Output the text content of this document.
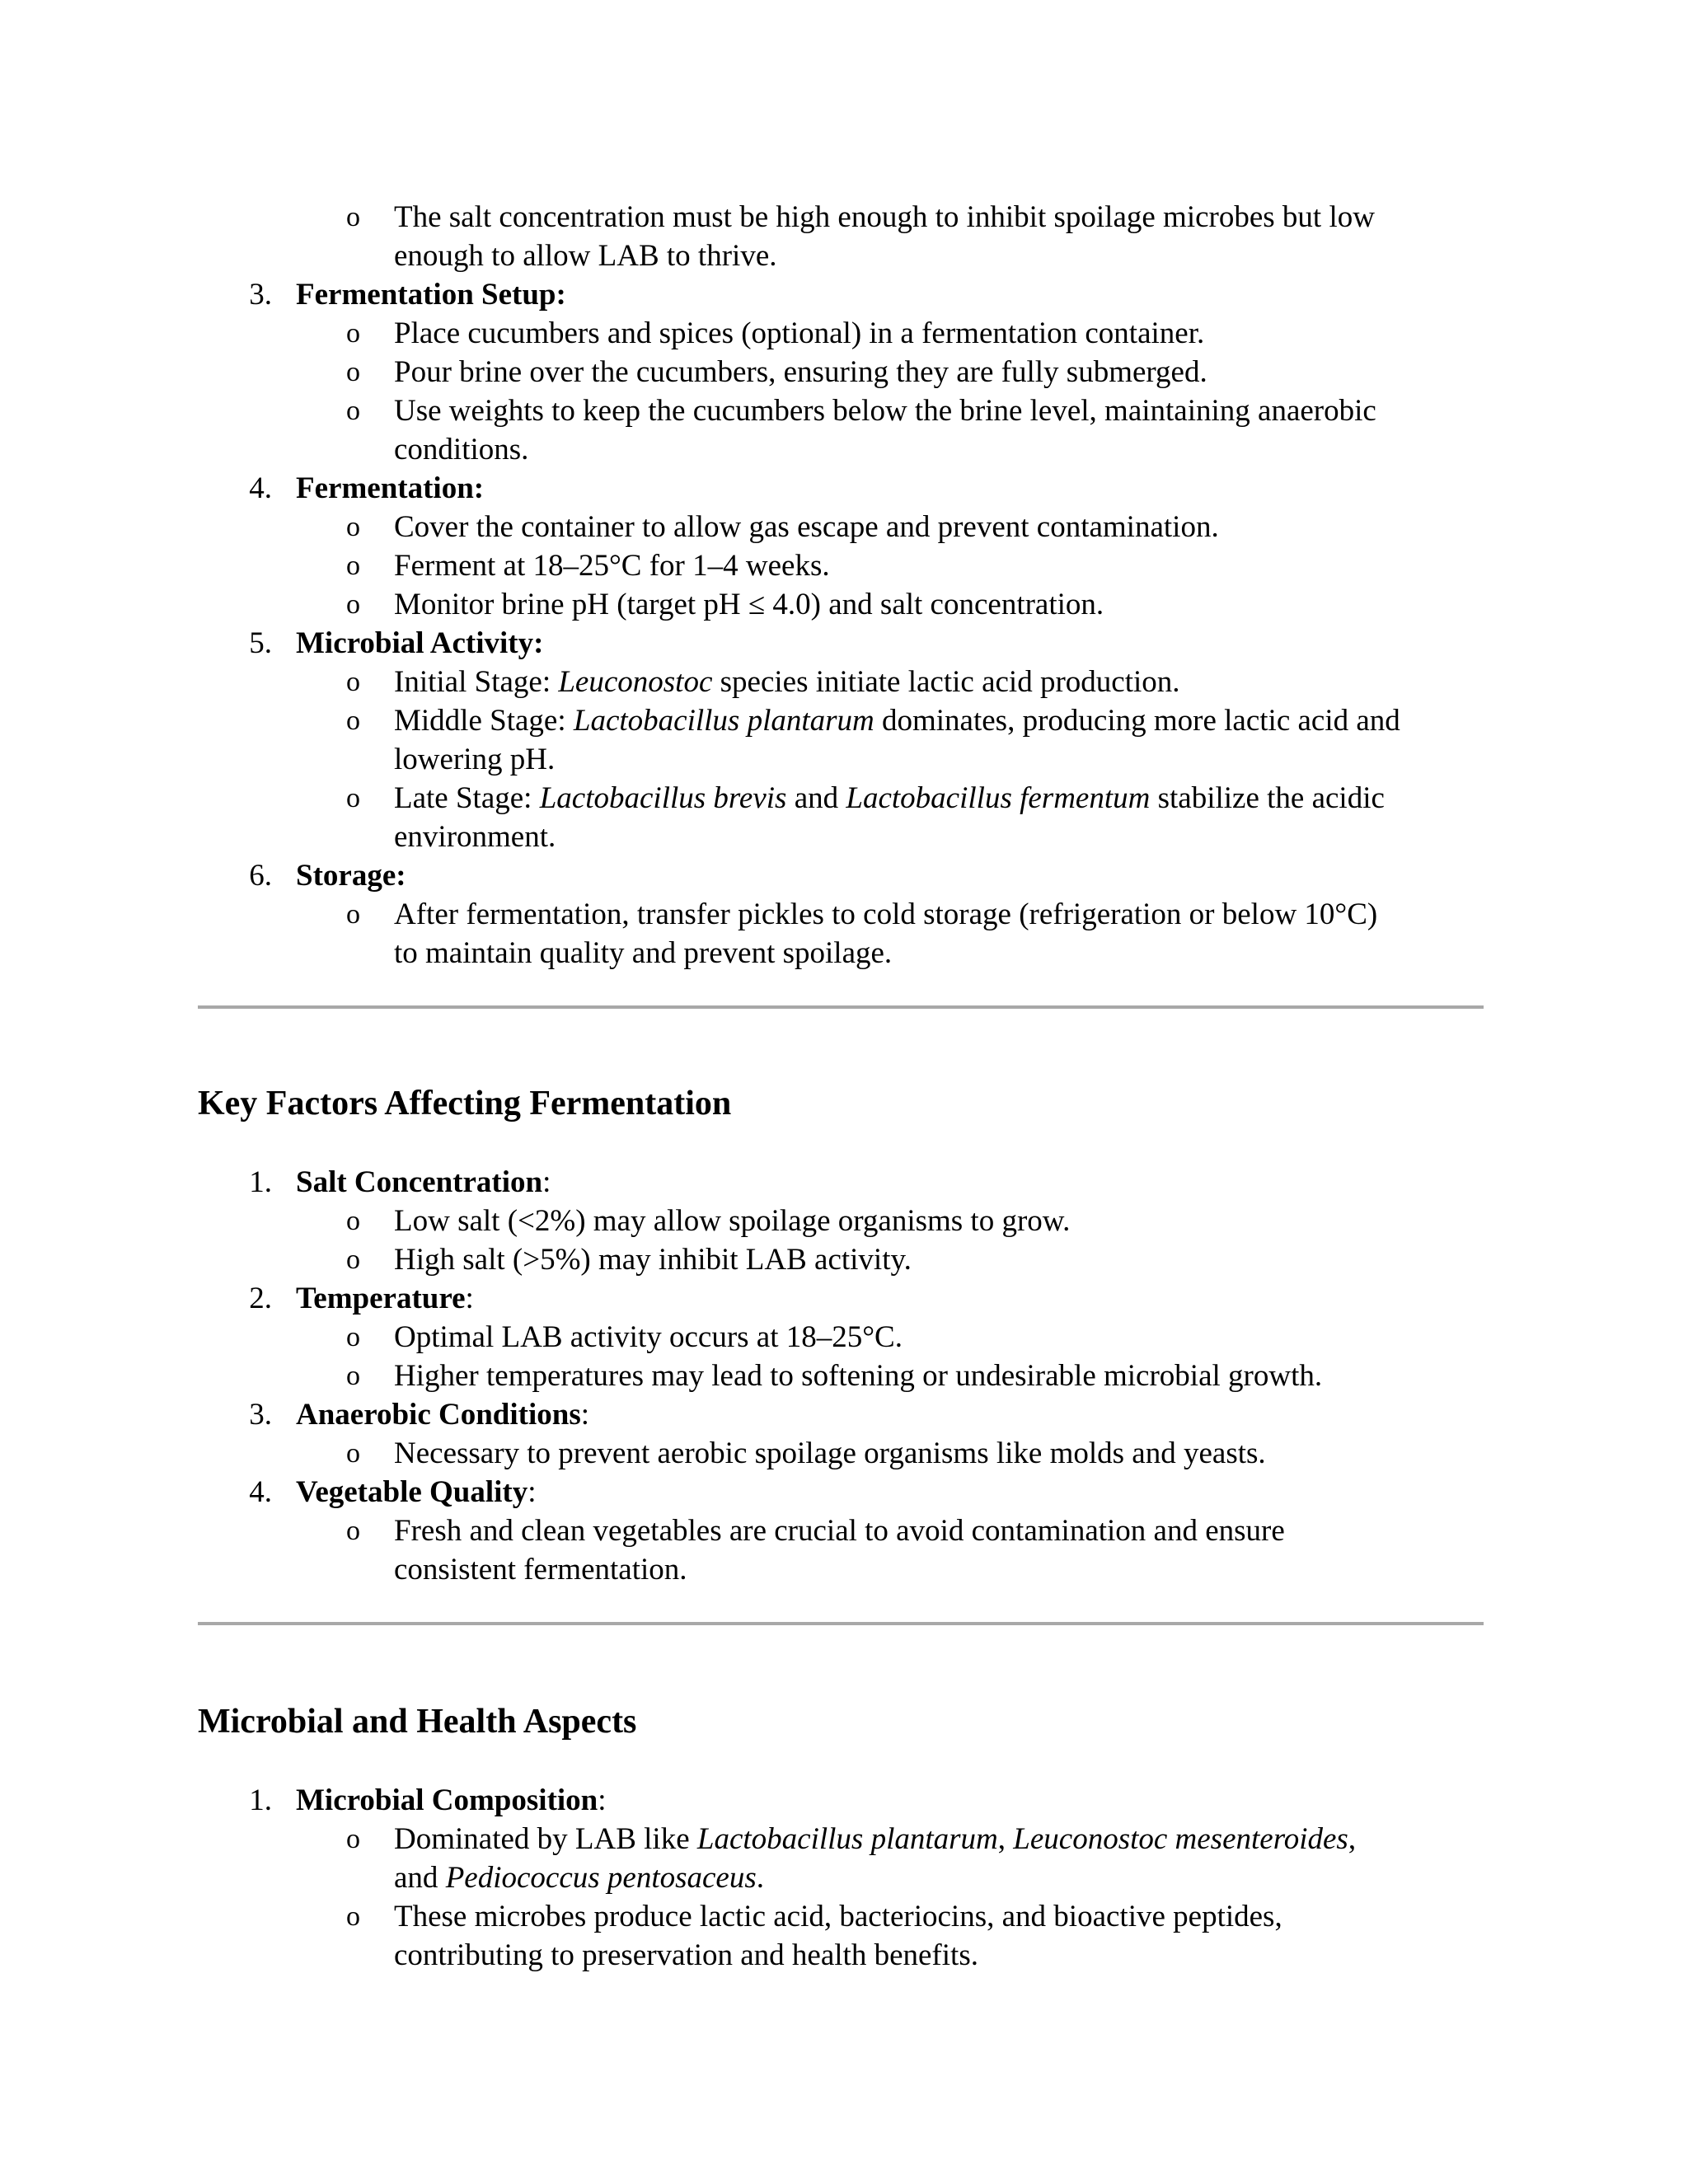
o The salt concentration must be high enough to inhibit spoilage microbes but low
enough to allow LAB to thrive.
3. Fermentation Setup:
o Place cucumbers and spices (optional) in a fermentation container.
o Pour brine over the cucumbers, ensuring they are fully submerged.
o Use weights to keep the cucumbers below the brine level, maintaining anaerobic
conditions.
4. Fermentation:
o Cover the container to allow gas escape and prevent contamination.
o Ferment at 18–25°C for 1–4 weeks.
o Monitor brine pH (target pH ≤ 4.0) and salt concentration.
5. Microbial Activity:
o Initial Stage: Leuconostoc species initiate lactic acid production.
o Middle Stage: Lactobacillus plantarum dominates, producing more lactic acid and
lowering pH.
o Late Stage: Lactobacillus brevis and Lactobacillus fermentum stabilize the acidic
environment.
6. Storage:
o After fermentation, transfer pickles to cold storage (refrigeration or below 10°C)
to maintain quality and prevent spoilage.
Key Factors Affecting Fermentation
1. Salt Concentration:
o Low salt (<2%) may allow spoilage organisms to grow.
o High salt (>5%) may inhibit LAB activity.
2. Temperature:
o Optimal LAB activity occurs at 18–25°C.
o Higher temperatures may lead to softening or undesirable microbial growth.
3. Anaerobic Conditions:
o Necessary to prevent aerobic spoilage organisms like molds and yeasts.
4. Vegetable Quality:
o Fresh and clean vegetables are crucial to avoid contamination and ensure
consistent fermentation.
Microbial and Health Aspects
1. Microbial Composition:
o Dominated by LAB like Lactobacillus plantarum, Leuconostoc mesenteroides,
and Pediococcus pentosaceus.
o These microbes produce lactic acid, bacteriocins, and bioactive peptides,
contributing to preservation and health benefits.
